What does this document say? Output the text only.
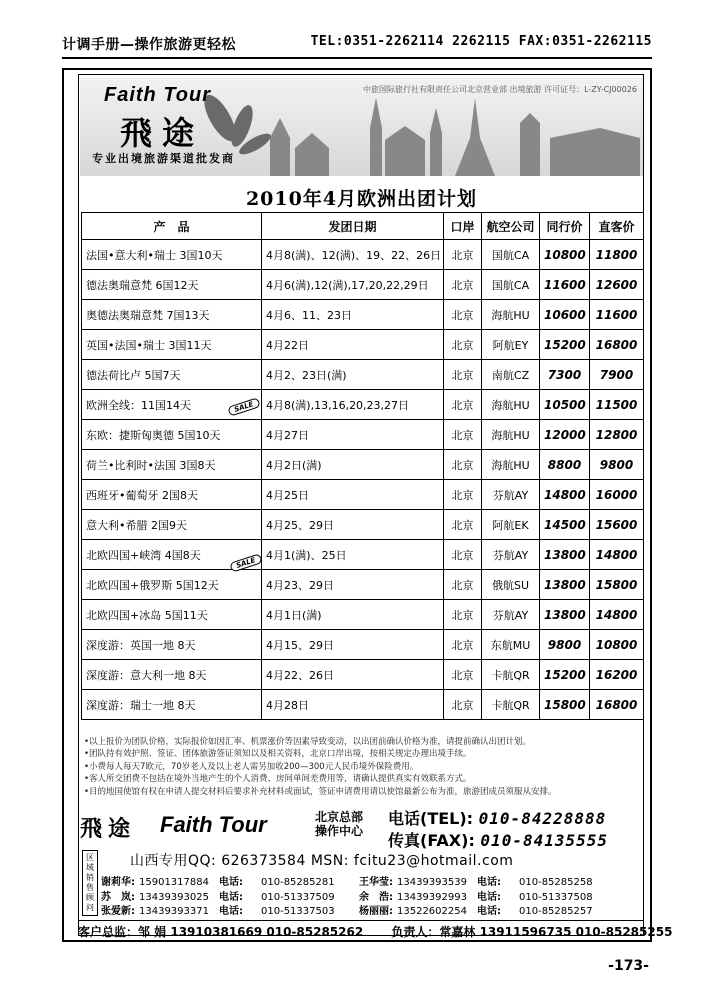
计调手册—操作旅游更轻松	TEL:0351-2262114 2262115 FAX:0351-2262115
Faith Tour
飛途
专业出境旅游渠道批发商
中旅国际旅行社有限责任公司北京营业部 出境旅游 许可证号：L-ZY-CJ00026
2010年4月欧洲出团计划
产　品	发团日期	口岸	航空公司	同行价	直客价
法国•意大利•瑞士 3国10天	4月8(满)、12(满)、19、22、26日	北京	国航CA	10800	11800
德法奥瑞意梵 6国12天	4月6(满),12(满),17,20,22,29日	北京	国航CA	11600	12600
奥德法奥瑞意梵 7国13天	4月6、11、23日	北京	海航HU	10600	11600
英国•法国•瑞士 3国11天	4月22日	北京	阿航EY	15200	16800
德法荷比卢 5国7天	4月2、23日(满)	北京	南航CZ	7300	7900
欧洲全线：11国14天	4月8(满),13,16,20,23,27日	北京	海航HU	10500	11500
东欧：捷斯匈奥德 5国10天	4月27日	北京	海航HU	12000	12800
荷兰•比利时•法国 3国8天	4月2日(满)	北京	海航HU	8800	9800
西班牙•葡萄牙 2国8天	4月25日	北京	芬航AY	14800	16000
意大利•希腊 2国9天	4月25、29日	北京	阿航EK	14500	15600
北欧四国+峡湾 4国8天	4月1(满)、25日	北京	芬航AY	13800	14800
北欧四国+俄罗斯 5国12天	4月23、29日	北京	俄航SU	13800	15800
北欧四国+冰岛 5国11天	4月1日(满)	北京	芬航AY	13800	14800
深度游：英国一地 8天	4月15、29日	北京	东航MU	9800	10800
深度游：意大利一地 8天	4月22、26日	北京	卡航QR	15200	16200
深度游：瑞士一地 8天	4月28日	北京	卡航QR	15800	16800
SALE
SALE
•以上报价为团队价格，实际报价如因汇率、机票涨价等因素导致变动，以出团前确认价格为准，请提前确认出团计划。
•团队持有效护照、签证、团体旅游签证须知以及相关资料，北京口岸出境，按相关规定办理出境手续。
•小费每人每天7欧元，70岁老人及以上老人需另加收200—300元人民币境外保险费用。
•客人所交团费不包括在境外当地产生的个人消费、房间单间差费用等，请确认提供真实有效联系方式。
•目的地国使馆有权在申请人提交材料后要求补充材料或面试，签证申请费用请以使馆最新公布为准，旅游团成员须服从安排。
飛途 Faith Tour	北京总部
操作中心
电话(TEL): 010-84228888
传真(FAX): 010-84135555
区域销售顾问
山西专用QQ: 626373584 MSN: fcitu23@hotmail.com
谢莉华: 15901317884 电话: 010-85285281 王华莹: 13439393539 电话: 010-85285258
苏　岚: 13439393025 电话: 010-51337509 余　浩: 13439392993 电话: 010-51337508
张爱新: 13439393371 电话: 010-51337503 杨丽丽: 13522602254 电话: 010-85285257
客户总监：邹 娟 13910381669 010-85285262 负责人：常嘉林 13911596735 010-85285255
-173-
